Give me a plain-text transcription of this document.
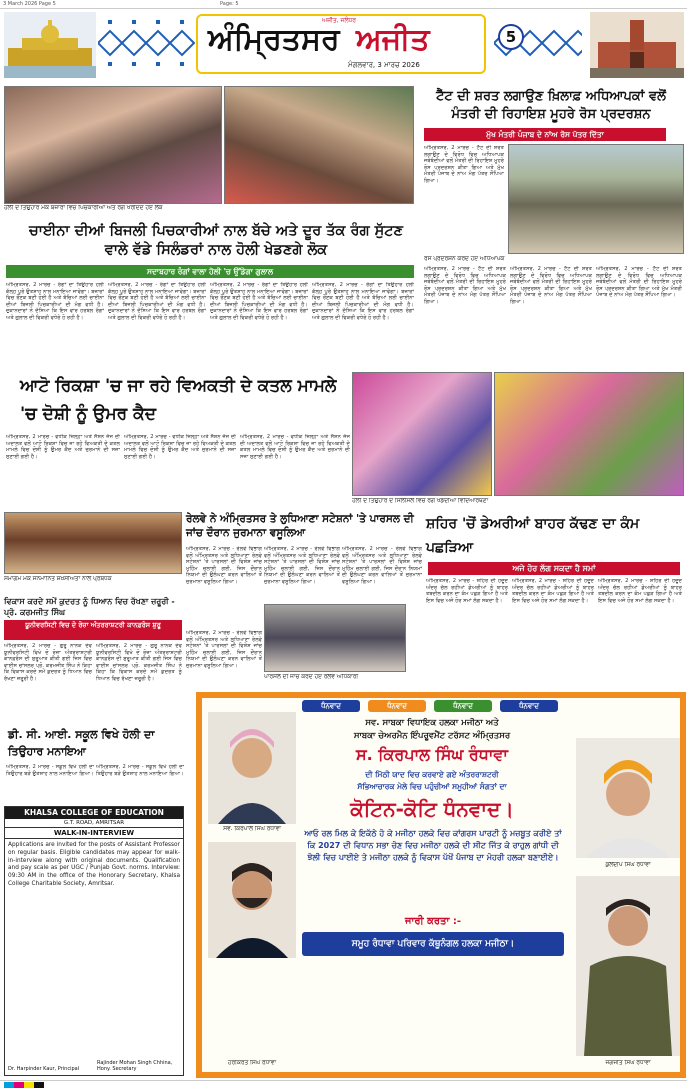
3 March 2026 Page 5	Page: 5
ਅਜੀਤ, ਜਲੰਧਰ
ਅੰਮ੍ਰਿਤਸਰ ਅਜੀਤ
ਮੰਗਲਵਾਰ, 3 ਮਾਰਚ 2026
5
ਹੋਲੀ ਦੇ ਤਿਉਹਾਰ ਮੌਕੇ ਬਜ਼ਾਰਾਂ ਵਿਚ ਪਿਚਕਾਰੀਆਂ ਅਤੇ ਰੰਗ ਖਰੀਦਦੇ ਹੋਏ ਲੋਕ
ਚਾਈਨਾ ਦੀਆਂ ਬਿਜਲੀ ਪਿਚਕਾਰੀਆਂ ਨਾਲ ਬੱਚੇ ਅਤੇ ਦੂਰ ਤੱਕ ਰੰਗ ਸੁੱਟਣ ਵਾਲੇ ਵੱਡੇ ਸਿਲੰਡਰਾਂ ਨਾਲ ਹੋਲੀ ਖੇਡਣਗੇ ਲੋਕ
ਸਦਾਬਹਾਰ ਰੰਗਾਂ ਵਾਲਾ ਹੋਲੀ 'ਚ ਉੱਡੇਗਾ ਗੁਲਾਲ
ਅੰਮ੍ਰਿਤਸਰ, 2 ਮਾਰਚ - ਰੰਗਾਂ ਦਾ ਤਿਉਹਾਰ ਹੋਲੀ ਕੱਲ੍ਹ ਪੂਰੇ ਉਤਸ਼ਾਹ ਨਾਲ ਮਨਾਇਆ ਜਾਵੇਗਾ। ਬਜ਼ਾਰਾਂ ਵਿਚ ਰੌਣਕ ਬਣੀ ਹੋਈ ਹੈ ਅਤੇ ਬੱਚਿਆਂ ਲਈ ਚਾਈਨਾ ਦੀਆਂ ਬਿਜਲੀ ਪਿਚਕਾਰੀਆਂ ਦੀ ਮੰਗ ਵਧੀ ਹੈ। ਦੁਕਾਨਦਾਰਾਂ ਨੇ ਦੱਸਿਆ ਕਿ ਇਸ ਵਾਰ ਹਰਬਲ ਰੰਗਾਂ ਅਤੇ ਗੁਲਾਲ ਦੀ ਵਿਕਰੀ ਵਧੇਰੇ ਹੋ ਰਹੀ ਹੈ।
ਅੰਮ੍ਰਿਤਸਰ, 2 ਮਾਰਚ - ਰੰਗਾਂ ਦਾ ਤਿਉਹਾਰ ਹੋਲੀ ਕੱਲ੍ਹ ਪੂਰੇ ਉਤਸ਼ਾਹ ਨਾਲ ਮਨਾਇਆ ਜਾਵੇਗਾ। ਬਜ਼ਾਰਾਂ ਵਿਚ ਰੌਣਕ ਬਣੀ ਹੋਈ ਹੈ ਅਤੇ ਬੱਚਿਆਂ ਲਈ ਚਾਈਨਾ ਦੀਆਂ ਬਿਜਲੀ ਪਿਚਕਾਰੀਆਂ ਦੀ ਮੰਗ ਵਧੀ ਹੈ। ਦੁਕਾਨਦਾਰਾਂ ਨੇ ਦੱਸਿਆ ਕਿ ਇਸ ਵਾਰ ਹਰਬਲ ਰੰਗਾਂ ਅਤੇ ਗੁਲਾਲ ਦੀ ਵਿਕਰੀ ਵਧੇਰੇ ਹੋ ਰਹੀ ਹੈ।
ਅੰਮ੍ਰਿਤਸਰ, 2 ਮਾਰਚ - ਰੰਗਾਂ ਦਾ ਤਿਉਹਾਰ ਹੋਲੀ ਕੱਲ੍ਹ ਪੂਰੇ ਉਤਸ਼ਾਹ ਨਾਲ ਮਨਾਇਆ ਜਾਵੇਗਾ। ਬਜ਼ਾਰਾਂ ਵਿਚ ਰੌਣਕ ਬਣੀ ਹੋਈ ਹੈ ਅਤੇ ਬੱਚਿਆਂ ਲਈ ਚਾਈਨਾ ਦੀਆਂ ਬਿਜਲੀ ਪਿਚਕਾਰੀਆਂ ਦੀ ਮੰਗ ਵਧੀ ਹੈ। ਦੁਕਾਨਦਾਰਾਂ ਨੇ ਦੱਸਿਆ ਕਿ ਇਸ ਵਾਰ ਹਰਬਲ ਰੰਗਾਂ ਅਤੇ ਗੁਲਾਲ ਦੀ ਵਿਕਰੀ ਵਧੇਰੇ ਹੋ ਰਹੀ ਹੈ।
ਅੰਮ੍ਰਿਤਸਰ, 2 ਮਾਰਚ - ਰੰਗਾਂ ਦਾ ਤਿਉਹਾਰ ਹੋਲੀ ਕੱਲ੍ਹ ਪੂਰੇ ਉਤਸ਼ਾਹ ਨਾਲ ਮਨਾਇਆ ਜਾਵੇਗਾ। ਬਜ਼ਾਰਾਂ ਵਿਚ ਰੌਣਕ ਬਣੀ ਹੋਈ ਹੈ ਅਤੇ ਬੱਚਿਆਂ ਲਈ ਚਾਈਨਾ ਦੀਆਂ ਬਿਜਲੀ ਪਿਚਕਾਰੀਆਂ ਦੀ ਮੰਗ ਵਧੀ ਹੈ। ਦੁਕਾਨਦਾਰਾਂ ਨੇ ਦੱਸਿਆ ਕਿ ਇਸ ਵਾਰ ਹਰਬਲ ਰੰਗਾਂ ਅਤੇ ਗੁਲਾਲ ਦੀ ਵਿਕਰੀ ਵਧੇਰੇ ਹੋ ਰਹੀ ਹੈ।
ਟੈੱਟ ਦੀ ਸ਼ਰਤ ਲਗਾਉਣ ਖ਼ਿਲਾਫ਼ ਅਧਿਆਪਕਾਂ ਵਲੋਂ ਮੰਤਰੀ ਦੀ ਰਿਹਾਇਸ਼ ਮੂਹਰੇ ਰੋਸ ਪ੍ਰਦਰਸ਼ਨ
ਮੁੱਖ ਮੰਤਰੀ ਪੰਜਾਬ ਦੇ ਨਾਂਅ ਰੋਸ ਪੱਤਰ ਦਿੱਤਾ
ਅੰਮ੍ਰਿਤਸਰ, 2 ਮਾਰਚ - ਟੈੱਟ ਦੀ ਸ਼ਰਤ ਲਗਾਉਣ ਦੇ ਵਿਰੋਧ ਵਿਚ ਅਧਿਆਪਕ ਜਥੇਬੰਦੀਆਂ ਵਲੋਂ ਮੰਤਰੀ ਦੀ ਰਿਹਾਇਸ਼ ਮੂਹਰੇ ਰੋਸ ਪ੍ਰਦਰਸ਼ਨ ਕੀਤਾ ਗਿਆ ਅਤੇ ਮੁੱਖ ਮੰਤਰੀ ਪੰਜਾਬ ਦੇ ਨਾਂਅ ਮੰਗ ਪੱਤਰ ਸੌਂਪਿਆ ਗਿਆ।
ਰੋਸ ਪ੍ਰਦਰਸ਼ਨ ਕਰਦੇ ਹੋਏ ਅਧਿਆਪਕ
ਅੰਮ੍ਰਿਤਸਰ, 2 ਮਾਰਚ - ਟੈੱਟ ਦੀ ਸ਼ਰਤ ਲਗਾਉਣ ਦੇ ਵਿਰੋਧ ਵਿਚ ਅਧਿਆਪਕ ਜਥੇਬੰਦੀਆਂ ਵਲੋਂ ਮੰਤਰੀ ਦੀ ਰਿਹਾਇਸ਼ ਮੂਹਰੇ ਰੋਸ ਪ੍ਰਦਰਸ਼ਨ ਕੀਤਾ ਗਿਆ ਅਤੇ ਮੁੱਖ ਮੰਤਰੀ ਪੰਜਾਬ ਦੇ ਨਾਂਅ ਮੰਗ ਪੱਤਰ ਸੌਂਪਿਆ ਗਿਆ।
ਅੰਮ੍ਰਿਤਸਰ, 2 ਮਾਰਚ - ਟੈੱਟ ਦੀ ਸ਼ਰਤ ਲਗਾਉਣ ਦੇ ਵਿਰੋਧ ਵਿਚ ਅਧਿਆਪਕ ਜਥੇਬੰਦੀਆਂ ਵਲੋਂ ਮੰਤਰੀ ਦੀ ਰਿਹਾਇਸ਼ ਮੂਹਰੇ ਰੋਸ ਪ੍ਰਦਰਸ਼ਨ ਕੀਤਾ ਗਿਆ ਅਤੇ ਮੁੱਖ ਮੰਤਰੀ ਪੰਜਾਬ ਦੇ ਨਾਂਅ ਮੰਗ ਪੱਤਰ ਸੌਂਪਿਆ ਗਿਆ।
ਅੰਮ੍ਰਿਤਸਰ, 2 ਮਾਰਚ - ਟੈੱਟ ਦੀ ਸ਼ਰਤ ਲਗਾਉਣ ਦੇ ਵਿਰੋਧ ਵਿਚ ਅਧਿਆਪਕ ਜਥੇਬੰਦੀਆਂ ਵਲੋਂ ਮੰਤਰੀ ਦੀ ਰਿਹਾਇਸ਼ ਮੂਹਰੇ ਰੋਸ ਪ੍ਰਦਰਸ਼ਨ ਕੀਤਾ ਗਿਆ ਅਤੇ ਮੁੱਖ ਮੰਤਰੀ ਪੰਜਾਬ ਦੇ ਨਾਂਅ ਮੰਗ ਪੱਤਰ ਸੌਂਪਿਆ ਗਿਆ।
ਆਟੋ ਰਿਕਸ਼ਾ 'ਚ ਜਾ ਰਹੇ ਵਿਅਕਤੀ ਦੇ ਕਤਲ ਮਾਮਲੇ 'ਚ ਦੋਸ਼ੀ ਨੂੰ ਉਮਰ ਕੈਦ
ਅੰਮ੍ਰਿਤਸਰ, 2 ਮਾਰਚ - ਵਧੀਕ ਜ਼ਿਲ੍ਹਾ ਅਤੇ ਸੈਸ਼ਨ ਜੱਜ ਦੀ ਅਦਾਲਤ ਵਲੋਂ ਆਟੋ ਰਿਕਸ਼ਾ ਵਿਚ ਜਾ ਰਹੇ ਵਿਅਕਤੀ ਦੇ ਕਤਲ ਮਾਮਲੇ ਵਿਚ ਦੋਸ਼ੀ ਨੂੰ ਉਮਰ ਕੈਦ ਅਤੇ ਜੁਰਮਾਨੇ ਦੀ ਸਜ਼ਾ ਸੁਣਾਈ ਗਈ ਹੈ।
ਅੰਮ੍ਰਿਤਸਰ, 2 ਮਾਰਚ - ਵਧੀਕ ਜ਼ਿਲ੍ਹਾ ਅਤੇ ਸੈਸ਼ਨ ਜੱਜ ਦੀ ਅਦਾਲਤ ਵਲੋਂ ਆਟੋ ਰਿਕਸ਼ਾ ਵਿਚ ਜਾ ਰਹੇ ਵਿਅਕਤੀ ਦੇ ਕਤਲ ਮਾਮਲੇ ਵਿਚ ਦੋਸ਼ੀ ਨੂੰ ਉਮਰ ਕੈਦ ਅਤੇ ਜੁਰਮਾਨੇ ਦੀ ਸਜ਼ਾ ਸੁਣਾਈ ਗਈ ਹੈ।
ਅੰਮ੍ਰਿਤਸਰ, 2 ਮਾਰਚ - ਵਧੀਕ ਜ਼ਿਲ੍ਹਾ ਅਤੇ ਸੈਸ਼ਨ ਜੱਜ ਦੀ ਅਦਾਲਤ ਵਲੋਂ ਆਟੋ ਰਿਕਸ਼ਾ ਵਿਚ ਜਾ ਰਹੇ ਵਿਅਕਤੀ ਦੇ ਕਤਲ ਮਾਮਲੇ ਵਿਚ ਦੋਸ਼ੀ ਨੂੰ ਉਮਰ ਕੈਦ ਅਤੇ ਜੁਰਮਾਨੇ ਦੀ ਸਜ਼ਾ ਸੁਣਾਈ ਗਈ ਹੈ।
ਹੋਲੀ ਦੇ ਤਿਉਹਾਰ ਦੇ ਸਿਲਸਿਲੇ ਵਿਚ ਰੰਗ ਖੇਡਦੀਆਂ ਵਿਦਿਆਰਥਣਾਂ
ਸਮਾਗਮ ਮੌਕੇ ਸਨਮਾਨਿਤ ਸ਼ਖ਼ਸੀਅਤਾਂ ਨਾਲ ਪ੍ਰਬੰਧਕ
ਵਿਕਾਸ ਕਰਦੇ ਸਮੇਂ ਕੁਦਰਤ ਨੂੰ ਧਿਆਨ ਵਿਚ ਰੱਖਣਾ ਜ਼ਰੂਰੀ - ਪ੍ਰੋ. ਕਰਮਜੀਤ ਸਿੰਘ
ਯੂਨੀਵਰਸਿਟੀ ਵਿਚ ਦੋ ਰੋਜ਼ਾ ਅੰਤਰਰਾਸ਼ਟਰੀ ਕਾਨਫ਼ਰੰਸ ਸ਼ੁਰੂ
ਅੰਮ੍ਰਿਤਸਰ, 2 ਮਾਰਚ - ਗੁਰੂ ਨਾਨਕ ਦੇਵ ਯੂਨੀਵਰਸਿਟੀ ਵਿਖੇ ਦੋ ਰੋਜ਼ਾ ਅੰਤਰਰਾਸ਼ਟਰੀ ਕਾਨਫ਼ਰੰਸ ਦੀ ਸ਼ੁਰੂਆਤ ਕੀਤੀ ਗਈ ਜਿਸ ਵਿਚ ਵਾਈਸ ਚਾਂਸਲਰ ਪ੍ਰੋ. ਕਰਮਜੀਤ ਸਿੰਘ ਨੇ ਕਿਹਾ ਕਿ ਵਿਕਾਸ ਕਰਦੇ ਸਮੇਂ ਕੁਦਰਤ ਨੂੰ ਧਿਆਨ ਵਿਚ ਰੱਖਣਾ ਜ਼ਰੂਰੀ ਹੈ।
ਅੰਮ੍ਰਿਤਸਰ, 2 ਮਾਰਚ - ਗੁਰੂ ਨਾਨਕ ਦੇਵ ਯੂਨੀਵਰਸਿਟੀ ਵਿਖੇ ਦੋ ਰੋਜ਼ਾ ਅੰਤਰਰਾਸ਼ਟਰੀ ਕਾਨਫ਼ਰੰਸ ਦੀ ਸ਼ੁਰੂਆਤ ਕੀਤੀ ਗਈ ਜਿਸ ਵਿਚ ਵਾਈਸ ਚਾਂਸਲਰ ਪ੍ਰੋ. ਕਰਮਜੀਤ ਸਿੰਘ ਨੇ ਕਿਹਾ ਕਿ ਵਿਕਾਸ ਕਰਦੇ ਸਮੇਂ ਕੁਦਰਤ ਨੂੰ ਧਿਆਨ ਵਿਚ ਰੱਖਣਾ ਜ਼ਰੂਰੀ ਹੈ।
ਰੇਲਵੇ ਨੇ ਅੰਮ੍ਰਿਤਸਰ ਤੇ ਲੁਧਿਆਣਾ ਸਟੇਸ਼ਨਾਂ 'ਤੇ ਪਾਰਸਲ ਦੀ ਜਾਂਚ ਦੌਰਾਨ ਜੁਰਮਾਨਾ ਵਸੂਲਿਆ
ਅੰਮ੍ਰਿਤਸਰ, 2 ਮਾਰਚ - ਰੇਲਵੇ ਵਿਭਾਗ ਵਲੋਂ ਅੰਮ੍ਰਿਤਸਰ ਅਤੇ ਲੁਧਿਆਣਾ ਰੇਲਵੇ ਸਟੇਸ਼ਨਾਂ 'ਤੇ ਪਾਰਸਲਾਂ ਦੀ ਵਿਸ਼ੇਸ਼ ਜਾਂਚ ਮੁਹਿੰਮ ਚਲਾਈ ਗਈ, ਜਿਸ ਦੌਰਾਨ ਨਿਯਮਾਂ ਦੀ ਉਲੰਘਣਾ ਕਰਨ ਵਾਲਿਆਂ ਤੋਂ ਜੁਰਮਾਨਾ ਵਸੂਲਿਆ ਗਿਆ।
ਅੰਮ੍ਰਿਤਸਰ, 2 ਮਾਰਚ - ਰੇਲਵੇ ਵਿਭਾਗ ਵਲੋਂ ਅੰਮ੍ਰਿਤਸਰ ਅਤੇ ਲੁਧਿਆਣਾ ਰੇਲਵੇ ਸਟੇਸ਼ਨਾਂ 'ਤੇ ਪਾਰਸਲਾਂ ਦੀ ਵਿਸ਼ੇਸ਼ ਜਾਂਚ ਮੁਹਿੰਮ ਚਲਾਈ ਗਈ, ਜਿਸ ਦੌਰਾਨ ਨਿਯਮਾਂ ਦੀ ਉਲੰਘਣਾ ਕਰਨ ਵਾਲਿਆਂ ਤੋਂ ਜੁਰਮਾਨਾ ਵਸੂਲਿਆ ਗਿਆ।
ਅੰਮ੍ਰਿਤਸਰ, 2 ਮਾਰਚ - ਰੇਲਵੇ ਵਿਭਾਗ ਵਲੋਂ ਅੰਮ੍ਰਿਤਸਰ ਅਤੇ ਲੁਧਿਆਣਾ ਰੇਲਵੇ ਸਟੇਸ਼ਨਾਂ 'ਤੇ ਪਾਰਸਲਾਂ ਦੀ ਵਿਸ਼ੇਸ਼ ਜਾਂਚ ਮੁਹਿੰਮ ਚਲਾਈ ਗਈ, ਜਿਸ ਦੌਰਾਨ ਨਿਯਮਾਂ ਦੀ ਉਲੰਘਣਾ ਕਰਨ ਵਾਲਿਆਂ ਤੋਂ ਜੁਰਮਾਨਾ ਵਸੂਲਿਆ ਗਿਆ।
ਪਾਰਸਲ ਦੀ ਜਾਂਚ ਕਰਦੇ ਹੋਏ ਰੇਲਵੇ ਅਧਿਕਾਰੀ
ਅੰਮ੍ਰਿਤਸਰ, 2 ਮਾਰਚ - ਰੇਲਵੇ ਵਿਭਾਗ ਵਲੋਂ ਅੰਮ੍ਰਿਤਸਰ ਅਤੇ ਲੁਧਿਆਣਾ ਰੇਲਵੇ ਸਟੇਸ਼ਨਾਂ 'ਤੇ ਪਾਰਸਲਾਂ ਦੀ ਵਿਸ਼ੇਸ਼ ਜਾਂਚ ਮੁਹਿੰਮ ਚਲਾਈ ਗਈ, ਜਿਸ ਦੌਰਾਨ ਨਿਯਮਾਂ ਦੀ ਉਲੰਘਣਾ ਕਰਨ ਵਾਲਿਆਂ ਤੋਂ ਜੁਰਮਾਨਾ ਵਸੂਲਿਆ ਗਿਆ।
ਸ਼ਹਿਰ 'ਚੋਂ ਡੇਅਰੀਆਂ ਬਾਹਰ ਕੱਢਣ ਦਾ ਕੰਮ ਪਛੜਿਆ
ਅਜੇ ਹੋਰ ਲੱਗ ਸਕਦਾ ਹੈ ਸਮਾਂ
ਅੰਮ੍ਰਿਤਸਰ, 2 ਮਾਰਚ - ਸ਼ਹਿਰ ਦੀ ਹਦੂਦ ਅੰਦਰ ਚੱਲ ਰਹੀਆਂ ਡੇਅਰੀਆਂ ਨੂੰ ਬਾਹਰ ਤਬਦੀਲ ਕਰਨ ਦਾ ਕੰਮ ਪਛੜ ਗਿਆ ਹੈ ਅਤੇ ਇਸ ਵਿਚ ਅਜੇ ਹੋਰ ਸਮਾਂ ਲੱਗ ਸਕਦਾ ਹੈ।
ਅੰਮ੍ਰਿਤਸਰ, 2 ਮਾਰਚ - ਸ਼ਹਿਰ ਦੀ ਹਦੂਦ ਅੰਦਰ ਚੱਲ ਰਹੀਆਂ ਡੇਅਰੀਆਂ ਨੂੰ ਬਾਹਰ ਤਬਦੀਲ ਕਰਨ ਦਾ ਕੰਮ ਪਛੜ ਗਿਆ ਹੈ ਅਤੇ ਇਸ ਵਿਚ ਅਜੇ ਹੋਰ ਸਮਾਂ ਲੱਗ ਸਕਦਾ ਹੈ।
ਅੰਮ੍ਰਿਤਸਰ, 2 ਮਾਰਚ - ਸ਼ਹਿਰ ਦੀ ਹਦੂਦ ਅੰਦਰ ਚੱਲ ਰਹੀਆਂ ਡੇਅਰੀਆਂ ਨੂੰ ਬਾਹਰ ਤਬਦੀਲ ਕਰਨ ਦਾ ਕੰਮ ਪਛੜ ਗਿਆ ਹੈ ਅਤੇ ਇਸ ਵਿਚ ਅਜੇ ਹੋਰ ਸਮਾਂ ਲੱਗ ਸਕਦਾ ਹੈ।
ਡੀ. ਸੀ. ਆਈ. ਸਕੂਲ ਵਿਖੇ ਹੋਲੀ ਦਾ ਤਿਉਹਾਰ ਮਨਾਇਆ
ਅੰਮ੍ਰਿਤਸਰ, 2 ਮਾਰਚ - ਸਕੂਲ ਵਿਖੇ ਹੋਲੀ ਦਾ ਤਿਉਹਾਰ ਬੜੇ ਉਤਸ਼ਾਹ ਨਾਲ ਮਨਾਇਆ ਗਿਆ।
ਅੰਮ੍ਰਿਤਸਰ, 2 ਮਾਰਚ - ਸਕੂਲ ਵਿਖੇ ਹੋਲੀ ਦਾ ਤਿਉਹਾਰ ਬੜੇ ਉਤਸ਼ਾਹ ਨਾਲ ਮਨਾਇਆ ਗਿਆ।
KHALSA COLLEGE OF EDUCATION
G.T. ROAD, AMRITSAR
WALK-IN-INTERVIEW
Applications are invited for the posts of Assistant Professor on regular basis. Eligible candidates may appear for walk-in-interview along with original documents. Qualification and pay scale as per UGC / Punjab Govt. norms. Interview: 09:30 AM in the office of the Honorary Secretary, Khalsa College Charitable Society, Amritsar.
Dr. Harpinder Kaur, Principal
Rajinder Mohan Singh Chhina, Hony. Secretary
ਧੰਨਵਾਦ	ਧੰਨਵਾਦ	ਧੰਨਵਾਦ	ਧੰਨਵਾਦ
ਸਵ. ਸਾਬਕਾ ਵਿਧਾਇਕ ਹਲਕਾ ਮਜੀਠਾ ਅਤੇ
ਸਾਬਕਾ ਚੇਅਰਮੈਨ ਇੰਪਰੂਵਮੈਂਟ ਟਰੱਸਟ ਅੰਮ੍ਰਿਤਸਰ
ਸ. ਕਿਰਪਾਲ ਸਿੰਘ ਰੰਧਾਵਾ
ਦੀ ਮਿੱਠੀ ਯਾਦ ਵਿਚ ਕਰਵਾਏ ਗਏ ਅੰਤਰਰਾਸ਼ਟਰੀ
ਸੱਭਿਆਚਾਰਕ ਮੇਲੇ ਵਿਚ ਪਹੁੰਚੀਆਂ ਸਮੂਹੀਆਂ ਸੰਗਤਾਂ ਦਾ
ਕੋਟਿਨ-ਕੋਟਿ ਧੰਨਵਾਦ।
ਆਓ ਰਲ ਮਿਲ ਕੇ ਇਕੱਠੇ ਹੋ ਕੇ ਮਜੀਠਾ ਹਲਕੇ ਵਿਚ ਕਾਂਗਰਸ ਪਾਰਟੀ ਨੂੰ ਮਜ਼ਬੂਤ ਕਰੀਏ ਤਾਂ ਕਿ 2027 ਦੀ ਵਿਧਾਨ ਸਭਾ ਚੋਣ ਵਿਚ ਮਜੀਠਾ ਹਲਕੇ ਦੀ ਸੀਟ ਜਿੱਤ ਕੇ ਰਾਹੁਲ ਗਾਂਧੀ ਦੀ ਝੋਲੀ ਵਿਚ ਪਾਈਏ ਤੇ ਮਜੀਠਾ ਹਲਕੇ ਨੂੰ ਵਿਕਾਸ ਪੱਖੋਂ ਪੰਜਾਬ ਦਾ ਮੋਹਰੀ ਹਲਕਾ ਬਣਾਈਏ।
ਜਾਰੀ ਕਰਤਾ :-
ਸਮੂਹ ਰੰਧਾਵਾ ਪਰਿਵਾਰ ਕੱਥੂਨੰਗਲ ਹਲਕਾ ਮਜੀਠਾ।
ਸਵ. ਕਿਰਪਾਲ ਸਿੰਘ ਰੰਧਾਵਾ
ਹਰਕਿਰਤ ਸਿੰਘ ਰੰਧਾਵਾ
ਕੁਲਦੀਪ ਸਿੰਘ ਰੰਧਾਵਾ
ਜਗਜੀਤ ਸਿੰਘ ਰੰਧਾਵਾ
